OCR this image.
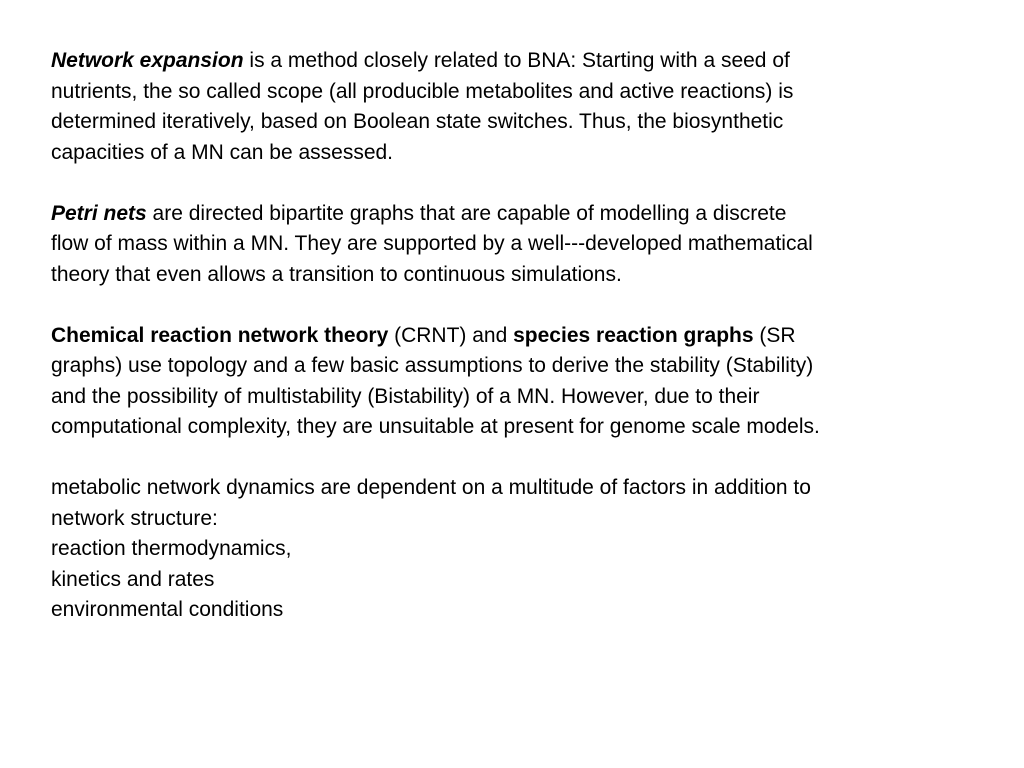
Network expansion is a method closely related to BNA: Starting with a seed of
nutrients, the so called scope (all producible metabolites and active reactions) is
determined iteratively, based on Boolean state switches. Thus, the biosynthetic
capacities of a MN can be assessed.
Petri nets are directed bipartite graphs that are capable of modelling a discrete
flow of mass within a MN. They are supported by a well---developed mathematical
theory that even allows a transition to continuous simulations.
Chemical reaction network theory (CRNT) and species reaction graphs (SR
graphs) use topology and a few basic assumptions to derive the stability (Stability)
and the possibility of multistability (Bistability) of a MN. However, due to their
computational complexity, they are unsuitable at present for genome scale models.
metabolic network dynamics are dependent on a multitude of factors in addition to
network structure:
reaction thermodynamics,
kinetics and rates
environmental conditions
